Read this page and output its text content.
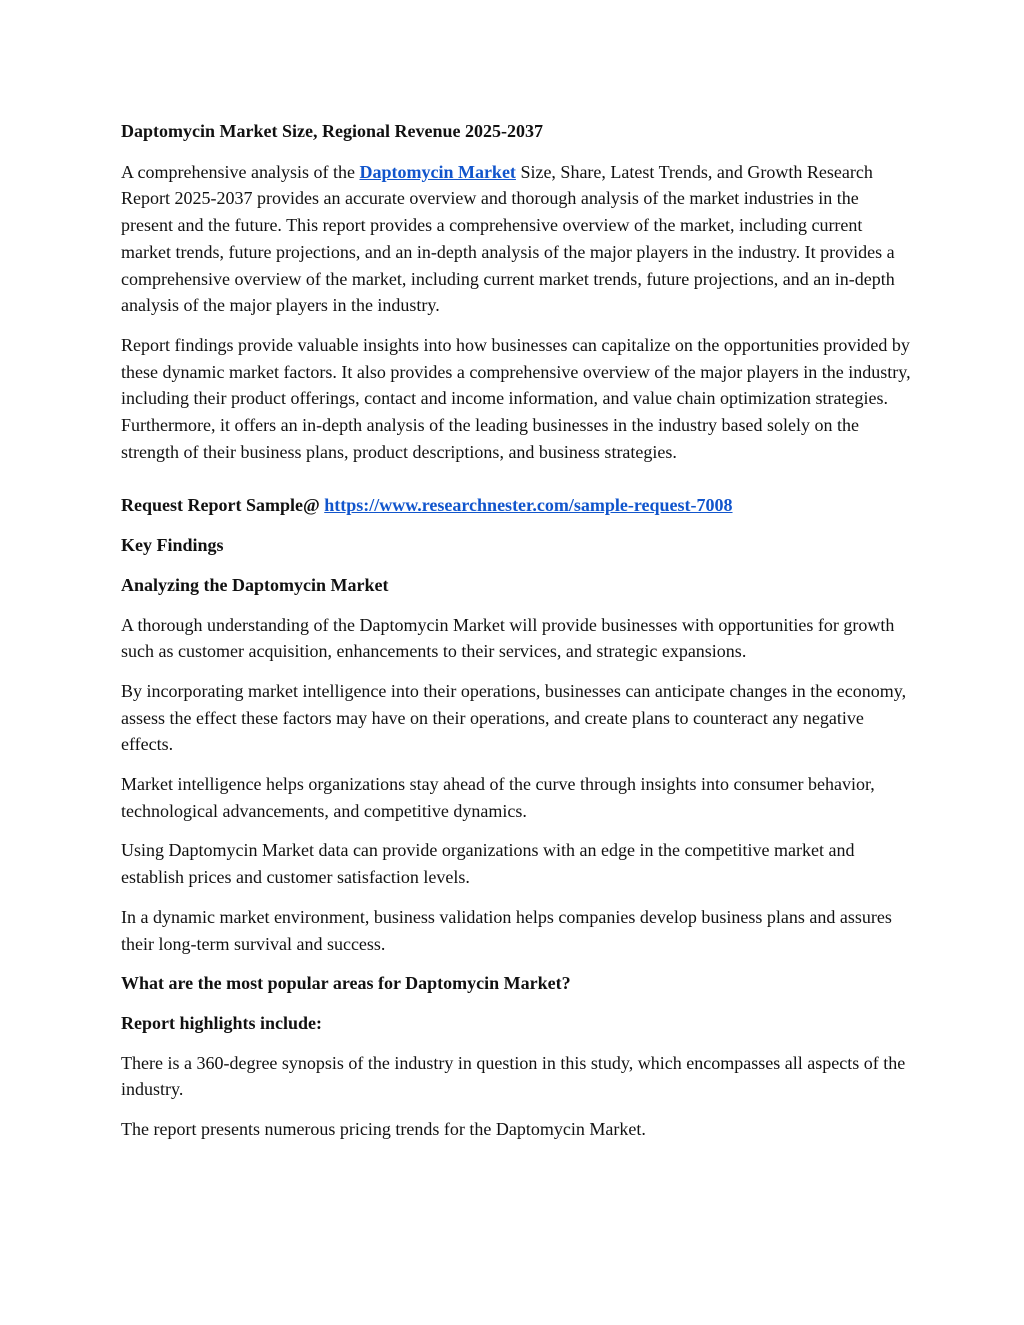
Daptomycin Market Size, Regional Revenue 2025-2037

A comprehensive analysis of the Daptomycin Market Size, Share, Latest Trends, and Growth Research Report 2025-2037 provides an accurate overview and thorough analysis of the market industries in the present and the future. This report provides a comprehensive overview of the market, including current market trends, future projections, and an in-depth analysis of the major players in the industry. It provides a comprehensive overview of the market, including current market trends, future projections, and an in-depth analysis of the major players in the industry.

Report findings provide valuable insights into how businesses can capitalize on the opportunities provided by these dynamic market factors. It also provides a comprehensive overview of the major players in the industry, including their product offerings, contact and income information, and value chain optimization strategies. Furthermore, it offers an in-depth analysis of the leading businesses in the industry based solely on the strength of their business plans, product descriptions, and business strategies.

Request Report Sample@ https://www.researchnester.com/sample-request-7008

Key Findings

Analyzing the Daptomycin Market

A thorough understanding of the Daptomycin Market will provide businesses with opportunities for growth such as customer acquisition, enhancements to their services, and strategic expansions.

By incorporating market intelligence into their operations, businesses can anticipate changes in the economy, assess the effect these factors may have on their operations, and create plans to counteract any negative effects.

Market intelligence helps organizations stay ahead of the curve through insights into consumer behavior, technological advancements, and competitive dynamics.

Using Daptomycin Market data can provide organizations with an edge in the competitive market and establish prices and customer satisfaction levels.

In a dynamic market environment, business validation helps companies develop business plans and assures their long-term survival and success.

What are the most popular areas for Daptomycin Market?

Report highlights include:

There is a 360-degree synopsis of the industry in question in this study, which encompasses all aspects of the industry.

The report presents numerous pricing trends for the Daptomycin Market.
